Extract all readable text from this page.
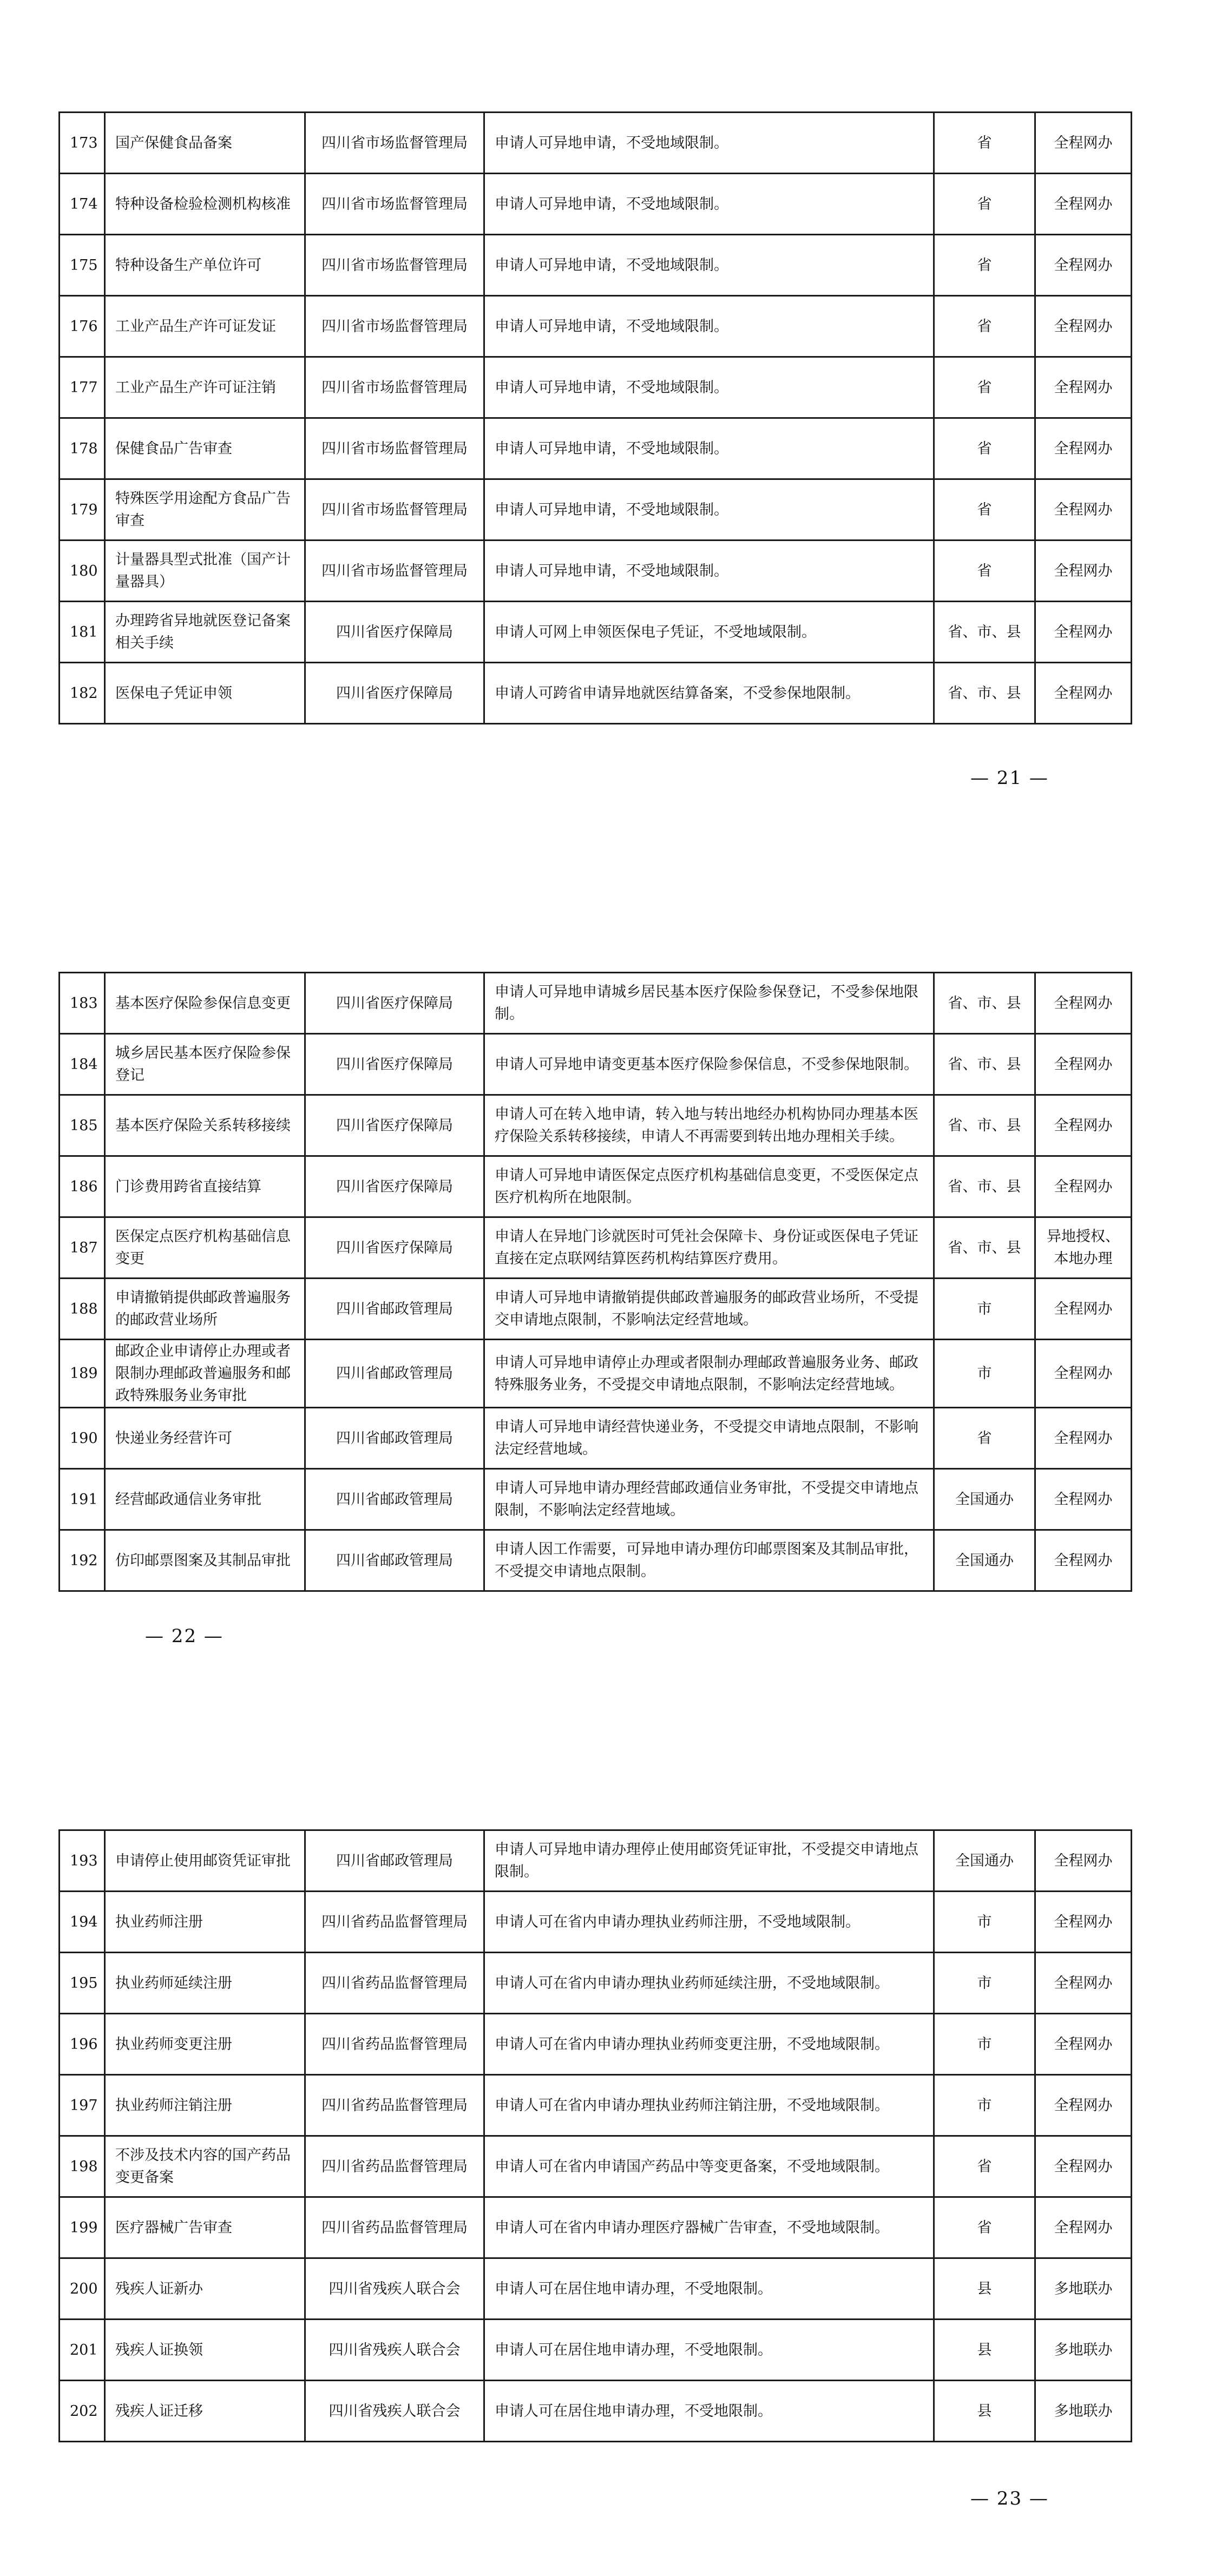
173	国产保健食品备案	四川省市场监督管理局	申请人可异地申请，不受地域限制。	省	全程网办
174	特种设备检验检测机构核准	四川省市场监督管理局	申请人可异地申请，不受地域限制。	省	全程网办
175	特种设备生产单位许可	四川省市场监督管理局	申请人可异地申请，不受地域限制。	省	全程网办
176	工业产品生产许可证发证	四川省市场监督管理局	申请人可异地申请，不受地域限制。	省	全程网办
177	工业产品生产许可证注销	四川省市场监督管理局	申请人可异地申请，不受地域限制。	省	全程网办
178	保健食品广告审查	四川省市场监督管理局	申请人可异地申请，不受地域限制。	省	全程网办
179	特殊医学用途配方食品广告审查	四川省市场监督管理局	申请人可异地申请，不受地域限制。	省	全程网办
180	计量器具型式批准（国产计量器具）	四川省市场监督管理局	申请人可异地申请，不受地域限制。	省	全程网办
181	办理跨省异地就医登记备案相关手续	四川省医疗保障局	申请人可网上申领医保电子凭证，不受地域限制。	省、市、县	全程网办
182	医保电子凭证申领	四川省医疗保障局	申请人可跨省申请异地就医结算备案，不受参保地限制。	省、市、县	全程网办
— 21 —
183	基本医疗保险参保信息变更	四川省医疗保障局	申请人可异地申请城乡居民基本医疗保险参保登记，不受参保地限制。	省、市、县	全程网办
184	城乡居民基本医疗保险参保登记	四川省医疗保障局	申请人可异地申请变更基本医疗保险参保信息，不受参保地限制。	省、市、县	全程网办
185	基本医疗保险关系转移接续	四川省医疗保障局	申请人可在转入地申请，转入地与转出地经办机构协同办理基本医疗保险关系转移接续，申请人不再需要到转出地办理相关手续。	省、市、县	全程网办
186	门诊费用跨省直接结算	四川省医疗保障局	申请人可异地申请医保定点医疗机构基础信息变更，不受医保定点医疗机构所在地限制。	省、市、县	全程网办
187	医保定点医疗机构基础信息变更	四川省医疗保障局	申请人在异地门诊就医时可凭社会保障卡、身份证或医保电子凭证直接在定点联网结算医药机构结算医疗费用。	省、市、县	异地授权、本地办理
188	申请撤销提供邮政普遍服务的邮政营业场所	四川省邮政管理局	申请人可异地申请撤销提供邮政普遍服务的邮政营业场所，不受提交申请地点限制，不影响法定经营地域。	市	全程网办
189	邮政企业申请停止办理或者限制办理邮政普遍服务和邮政特殊服务业务审批	四川省邮政管理局	申请人可异地申请停止办理或者限制办理邮政普遍服务业务、邮政特殊服务业务，不受提交申请地点限制，不影响法定经营地域。	市	全程网办
190	快递业务经营许可	四川省邮政管理局	申请人可异地申请经营快递业务，不受提交申请地点限制，不影响法定经营地域。	省	全程网办
191	经营邮政通信业务审批	四川省邮政管理局	申请人可异地申请办理经营邮政通信业务审批，不受提交申请地点限制，不影响法定经营地域。	全国通办	全程网办
192	仿印邮票图案及其制品审批	四川省邮政管理局	申请人因工作需要，可异地申请办理仿印邮票图案及其制品审批，不受提交申请地点限制。	全国通办	全程网办
— 22 —
193	申请停止使用邮资凭证审批	四川省邮政管理局	申请人可异地申请办理停止使用邮资凭证审批，不受提交申请地点限制。	全国通办	全程网办
194	执业药师注册	四川省药品监督管理局	申请人可在省内申请办理执业药师注册，不受地域限制。	市	全程网办
195	执业药师延续注册	四川省药品监督管理局	申请人可在省内申请办理执业药师延续注册，不受地域限制。	市	全程网办
196	执业药师变更注册	四川省药品监督管理局	申请人可在省内申请办理执业药师变更注册，不受地域限制。	市	全程网办
197	执业药师注销注册	四川省药品监督管理局	申请人可在省内申请办理执业药师注销注册，不受地域限制。	市	全程网办
198	不涉及技术内容的国产药品变更备案	四川省药品监督管理局	申请人可在省内申请国产药品中等变更备案，不受地域限制。	省	全程网办
199	医疗器械广告审查	四川省药品监督管理局	申请人可在省内申请办理医疗器械广告审查，不受地域限制。	省	全程网办
200	残疾人证新办	四川省残疾人联合会	申请人可在居住地申请办理，不受地限制。	县	多地联办
201	残疾人证换领	四川省残疾人联合会	申请人可在居住地申请办理，不受地限制。	县	多地联办
202	残疾人证迁移	四川省残疾人联合会	申请人可在居住地申请办理，不受地限制。	县	多地联办
— 23 —
